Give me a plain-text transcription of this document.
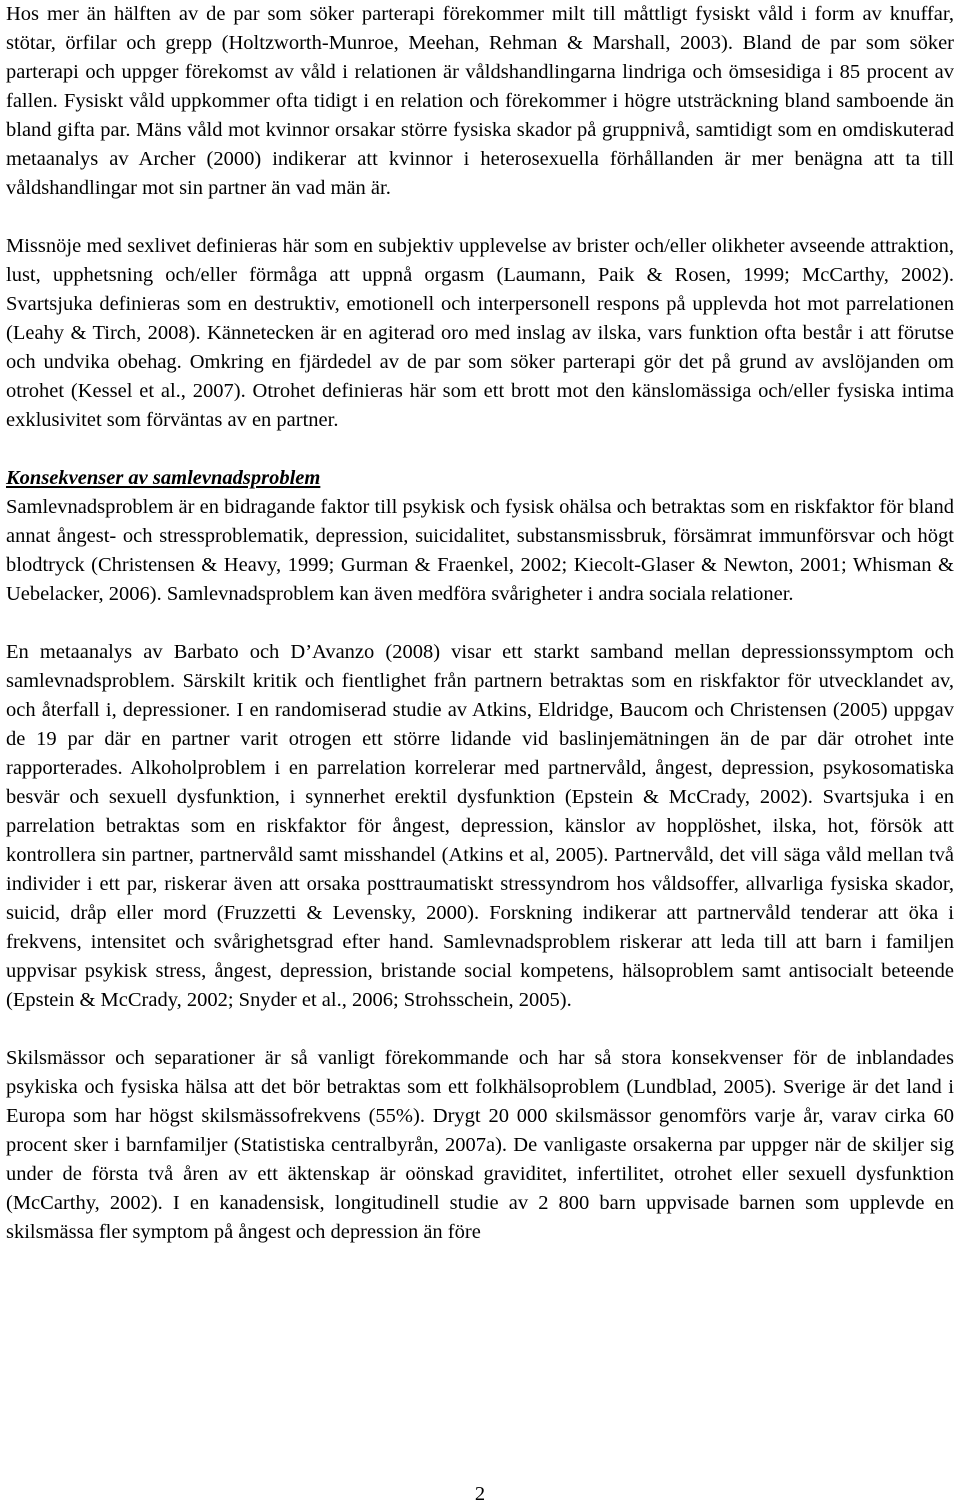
Hos mer än hälften av de par som söker parterapi förekommer milt till måttligt fysiskt våld i form av knuffar, stötar, örfilar och grepp (Holtzworth-Munroe, Meehan, Rehman & Marshall, 2003). Bland de par som söker parterapi och uppger förekomst av våld i relationen är våldshandlingarna lindriga och ömsesidiga i 85 procent av fallen. Fysiskt våld uppkommer ofta tidigt i en relation och förekommer i högre utsträckning bland samboende än bland gifta par. Mäns våld mot kvinnor orsakar större fysiska skador på gruppnivå, samtidigt som en omdiskuterad metaanalys av Archer (2000) indikerar att kvinnor i heterosexuella förhållanden är mer benägna att ta till våldshandlingar mot sin partner än vad män är.

Missnöje med sexlivet definieras här som en subjektiv upplevelse av brister och/eller olikheter avseende attraktion, lust, upphetsning och/eller förmåga att uppnå orgasm (Laumann, Paik & Rosen, 1999; McCarthy, 2002). Svartsjuka definieras som en destruktiv, emotionell och interpersonell respons på upplevda hot mot parrelationen (Leahy & Tirch, 2008). Kännetecken är en agiterad oro med inslag av ilska, vars funktion ofta består i att förutse och undvika obehag. Omkring en fjärdedel av de par som söker parterapi gör det på grund av avslöjanden om otrohet (Kessel et al., 2007). Otrohet definieras här som ett brott mot den känslomässiga och/eller fysiska intima exklusivitet som förväntas av en partner.

Konsekvenser av samlevnadsproblem

Samlevnadsproblem är en bidragande faktor till psykisk och fysisk ohälsa och betraktas som en riskfaktor för bland annat ångest- och stressproblematik, depression, suicidalitet, substansmissbruk, försämrat immunförsvar och högt blodtryck (Christensen & Heavy, 1999; Gurman & Fraenkel, 2002; Kiecolt-Glaser & Newton, 2001; Whisman & Uebelacker, 2006). Samlevnadsproblem kan även medföra svårigheter i andra sociala relationer.

En metaanalys av Barbato och D’Avanzo (2008) visar ett starkt samband mellan depressionssymptom och samlevnadsproblem. Särskilt kritik och fientlighet från partnern betraktas som en riskfaktor för utvecklandet av, och återfall i, depressioner. I en randomiserad studie av Atkins, Eldridge, Baucom och Christensen (2005) uppgav de 19 par där en partner varit otrogen ett större lidande vid baslinjemätningen än de par där otrohet inte rapporterades. Alkoholproblem i en parrelation korrelerar med partnervåld, ångest, depression, psykosomatiska besvär och sexuell dysfunktion, i synnerhet erektil dysfunktion (Epstein & McCrady, 2002). Svartsjuka i en parrelation betraktas som en riskfaktor för ångest, depression, känslor av hopplöshet, ilska, hot, försök att kontrollera sin partner, partnervåld samt misshandel (Atkins et al, 2005). Partnervåld, det vill säga våld mellan två individer i ett par, riskerar även att orsaka posttraumatiskt stressyndrom hos våldsoffer, allvarliga fysiska skador, suicid, dråp eller mord (Fruzzetti & Levensky, 2000). Forskning indikerar att partnervåld tenderar att öka i frekvens, intensitet och svårighetsgrad efter hand. Samlevnadsproblem riskerar att leda till att barn i familjen uppvisar psykisk stress, ångest, depression, bristande social kompetens, hälsoproblem samt antisocialt beteende (Epstein & McCrady, 2002; Snyder et al., 2006; Strohsschein, 2005).

Skilsmässor och separationer är så vanligt förekommande och har så stora konsekvenser för de inblandades psykiska och fysiska hälsa att det bör betraktas som ett folkhälsoproblem (Lundblad, 2005). Sverige är det land i Europa som har högst skilsmässofrekvens (55%). Drygt 20 000 skilsmässor genomförs varje år, varav cirka 60 procent sker i barnfamiljer (Statistiska centralbyrån, 2007a). De vanligaste orsakerna par uppger när de skiljer sig under de första två åren av ett äktenskap är oönskad graviditet, infertilitet, otrohet eller sexuell dysfunktion (McCarthy, 2002). I en kanadensisk, longitudinell studie av 2 800 barn uppvisade barnen som upplevde en skilsmässa fler symptom på ångest och depression än före

2
